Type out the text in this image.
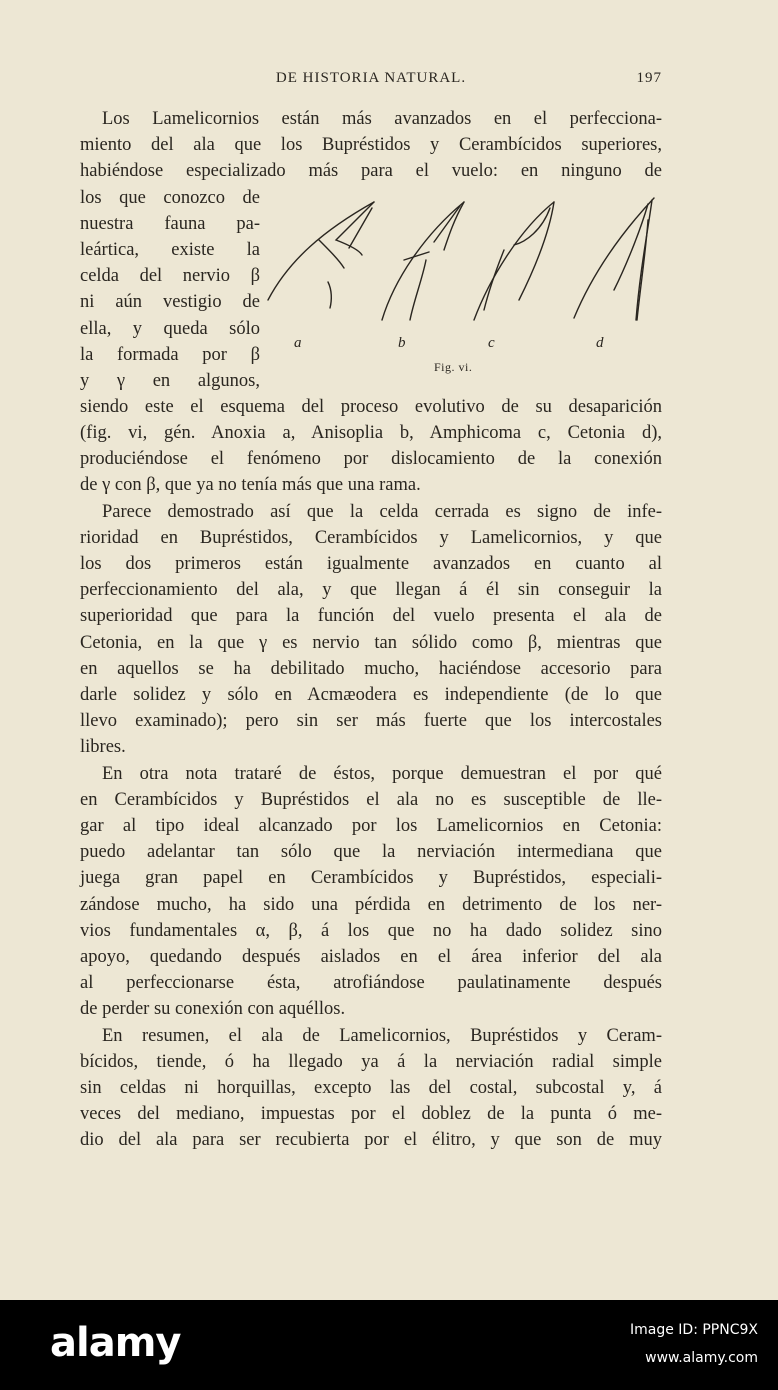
DE HISTORIA NATURAL.	197
Los Lamelicornios están más avanzados en el perfecciona-
miento del ala que los Bupréstidos y Cerambícidos superiores,
habiéndose especializado más para el vuelo: en ninguno de
los que conozco de
nuestra fauna pa-
leártica, existe la
celda del nervio β
ni aún vestigio de
ella, y queda sólo
la formada por β
y γ en algunos,
a	b	c	d
Fig. vi.
siendo este el esquema del proceso evolutivo de su desaparición
(fig. vi, gén. Anoxia a, Anisoplia b, Amphicoma c, Cetonia d),
produciéndose el fenómeno por dislocamiento de la conexión
de γ con β, que ya no tenía más que una rama.
Parece demostrado así que la celda cerrada es signo de infe-
rioridad en Bupréstidos, Cerambícidos y Lamelicornios, y que
los dos primeros están igualmente avanzados en cuanto al
perfeccionamiento del ala, y que llegan á él sin conseguir la
superioridad que para la función del vuelo presenta el ala de
Cetonia, en la que γ es nervio tan sólido como β, mientras que
en aquellos se ha debilitado mucho, haciéndose accesorio para
darle solidez y sólo en Acmæodera es independiente (de lo que
llevo examinado); pero sin ser más fuerte que los intercostales
libres.
En otra nota trataré de éstos, porque demuestran el por qué
en Cerambícidos y Bupréstidos el ala no es susceptible de lle-
gar al tipo ideal alcanzado por los Lamelicornios en Cetonia:
puedo adelantar tan sólo que la nerviación intermediana que
juega gran papel en Cerambícidos y Bupréstidos, especiali-
zándose mucho, ha sido una pérdida en detrimento de los ner-
vios fundamentales α, β, á los que no ha dado solidez sino
apoyo, quedando después aislados en el área inferior del ala
al perfeccionarse ésta, atrofiándose paulatinamente después
de perder su conexión con aquéllos.
En resumen, el ala de Lamelicornios, Bupréstidos y Ceram-
bícidos, tiende, ó ha llegado ya á la nerviación radial simple
sin celdas ni horquillas, excepto las del costal, subcostal y, á
veces del mediano, impuestas por el doblez de la punta ó me-
dio del ala para ser recubierta por el élitro, y que son de muy
alamy	Image ID: PPNC9X
www.alamy.com
